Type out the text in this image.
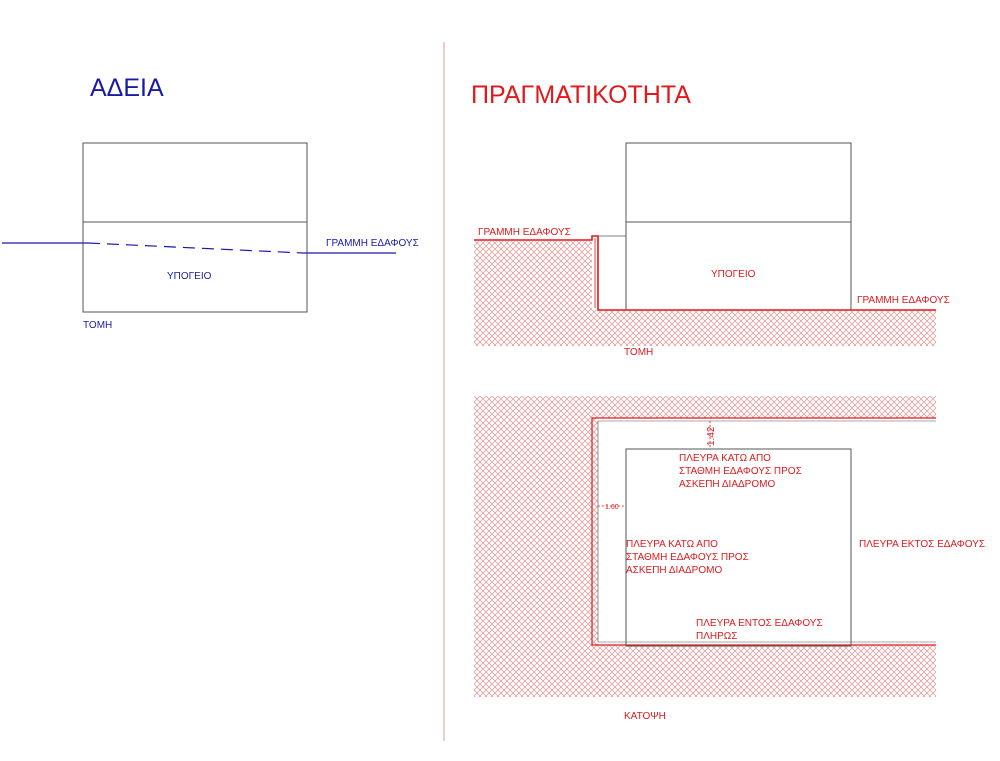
ΑΔΕΙΑ
ΓΡΑΜΜΗ ΕΔΑΦΟΥΣ
ΥΠΟΓΕΙΟ
ΤΟΜΗ
ΠΡΑΓΜΑΤΙΚΟΤΗΤΑ
ΓΡΑΜΜΗ ΕΔΑΦΟΥΣ
ΓΡΑΜΜΗ ΕΔΑΦΟΥΣ
ΥΠΟΓΕΙΟ
ΤΟΜΗ
1.42
1.60
ΠΛΕΥΡΑ ΚΑΤΩ ΑΠΟ
ΣΤΑΘΜΗ ΕΔΑΦΟΥΣ ΠΡΟΣ
ΑΣΚΕΠΗ ΔΙΑΔΡΟΜΟ
ΠΛΕΥΡΑ ΚΑΤΩ ΑΠΟ
ΣΤΑΘΜΗ ΕΔΑΦΟΥΣ ΠΡΟΣ
ΑΣΚΕΠΗ ΔΙΑΔΡΟΜΟ
ΠΛΕΥΡΑ ΕΚΤΟΣ ΕΔΑΦΟΥΣ
ΠΛΕΥΡΑ ΕΝΤΟΣ ΕΔΑΦΟΥΣ
ΠΛΗΡΩΣ
ΚΑΤΟΨΗ
